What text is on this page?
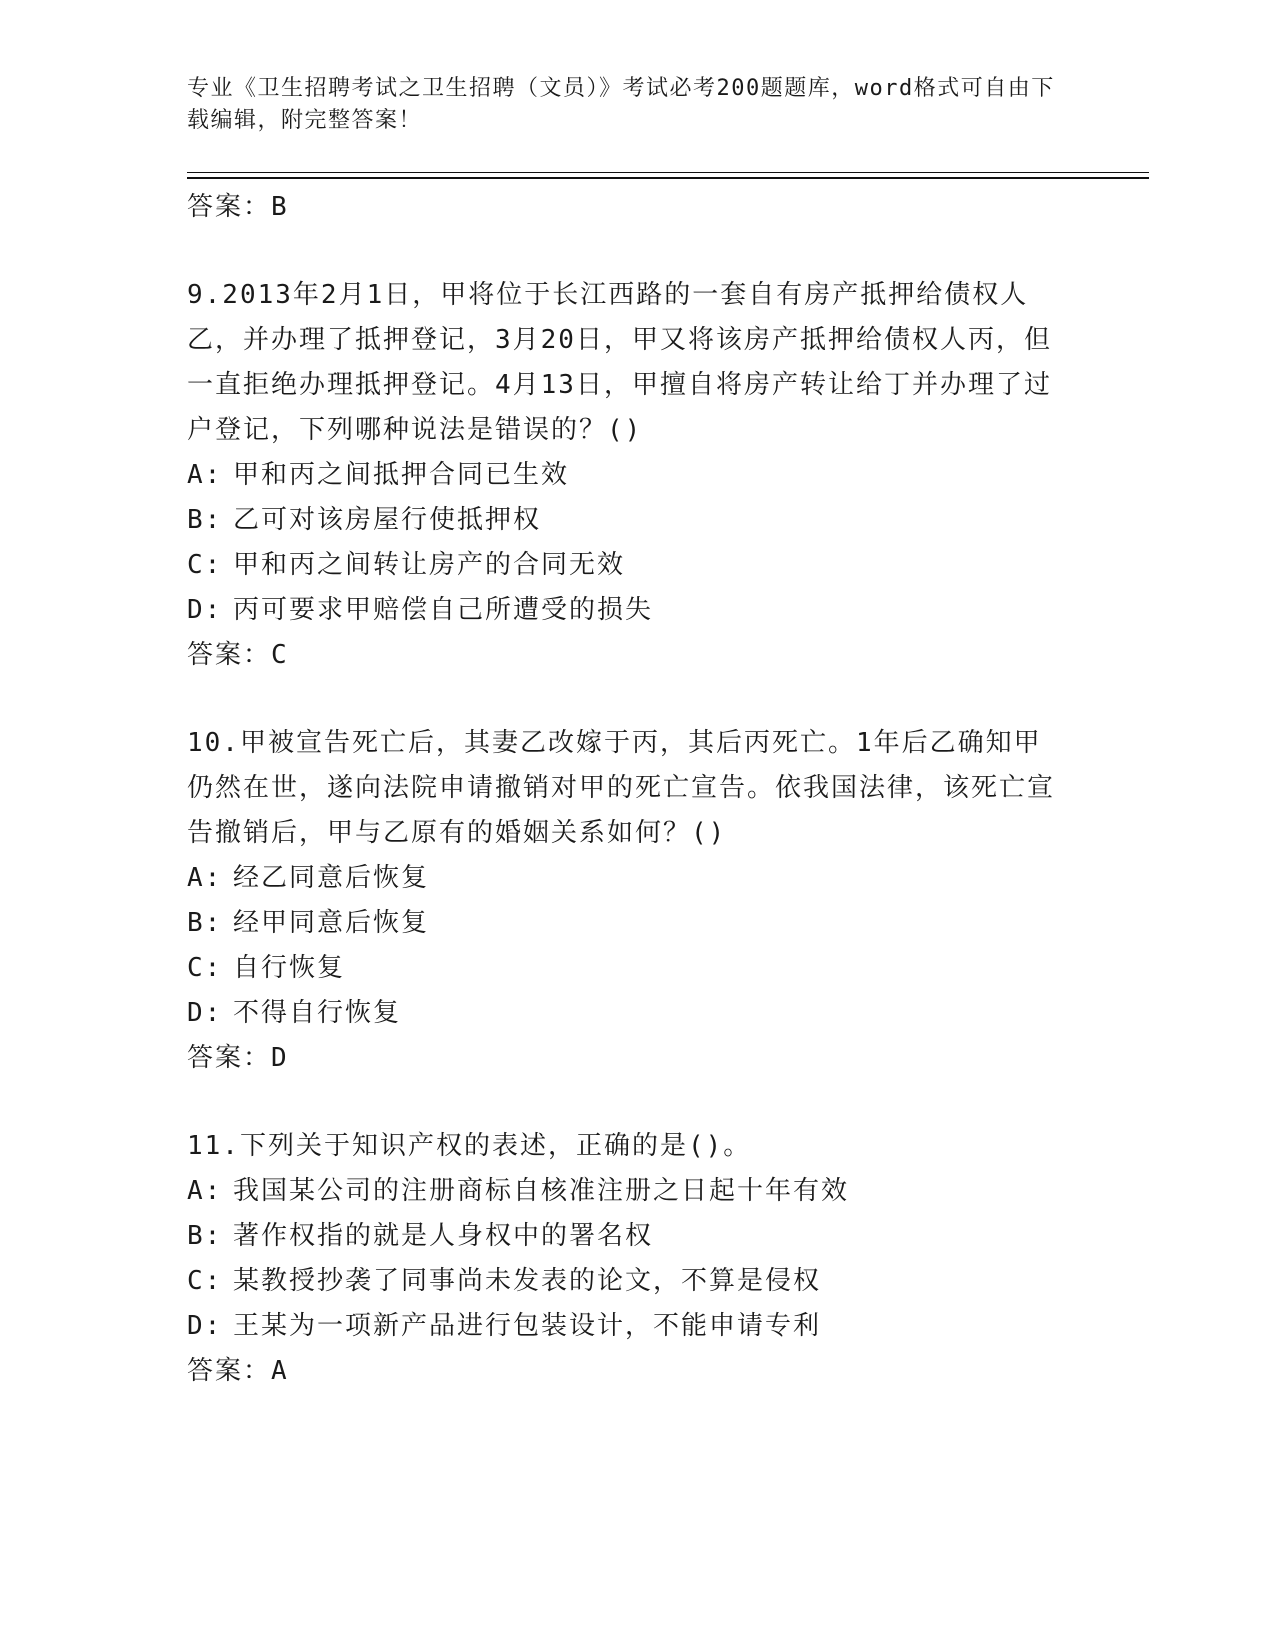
专业《卫生招聘考试之卫生招聘（文员）》考试必考200题题库，word格式可自由下载编辑，附完整答案！
答案：B
9.2013年2月1日，甲将位于长江西路的一套自有房产抵押给债权人乙，并办理了抵押登记，3月20日，甲又将该房产抵押给债权人丙，但一直拒绝办理抵押登记。4月13日，甲擅自将房产转让给丁并办理了过户登记，下列哪种说法是错误的？()
A: 甲和丙之间抵押合同已生效
B: 乙可对该房屋行使抵押权
C: 甲和丙之间转让房产的合同无效
D: 丙可要求甲赔偿自己所遭受的损失
答案：C
10.甲被宣告死亡后，其妻乙改嫁于丙，其后丙死亡。1年后乙确知甲仍然在世，遂向法院申请撤销对甲的死亡宣告。依我国法律，该死亡宣告撤销后，甲与乙原有的婚姻关系如何？()
A: 经乙同意后恢复
B: 经甲同意后恢复
C: 自行恢复
D: 不得自行恢复
答案：D
11.下列关于知识产权的表述，正确的是()。
A: 我国某公司的注册商标自核准注册之日起十年有效
B: 著作权指的就是人身权中的署名权
C: 某教授抄袭了同事尚未发表的论文，不算是侵权
D: 王某为一项新产品进行包装设计，不能申请专利
答案：A
